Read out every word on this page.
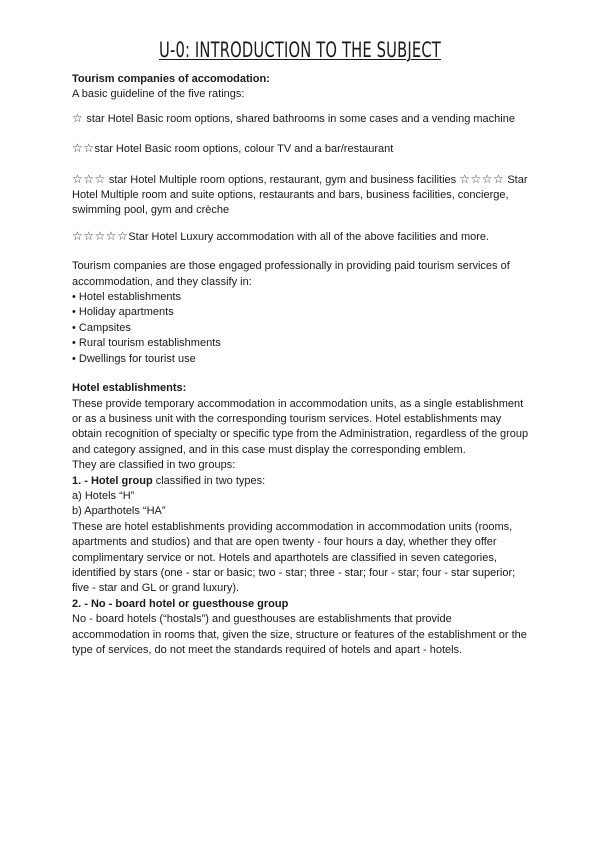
U-0: INTRODUCTION TO THE SUBJECT

Tourism companies of accomodation:

A basic guideline of the five ratings:

☆ star Hotel Basic room options, shared bathrooms in some cases and a vending machine

☆☆star Hotel Basic room options, colour TV and a bar/restaurant

☆☆☆ star Hotel Multiple room options, restaurant, gym and business facilities ☆☆☆☆ Star Hotel Multiple room and suite options, restaurants and bars, business facilities, concierge, swimming pool, gym and crèche

☆☆☆☆☆Star Hotel Luxury accommodation with all of the above facilities and more.

Tourism companies are those engaged professionally in providing paid tourism services of accommodation, and they classify in:

• Hotel establishments
• Holiday apartments
• Campsites
• Rural tourism establishments
• Dwellings for tourist use

Hotel establishments:

These provide temporary accommodation in accommodation units, as a single establishment or as a business unit with the corresponding tourism services. Hotel establishments may obtain recognition of specialty or specific type from the Administration, regardless of the group and category assigned, and in this case must display the corresponding emblem.

They are classified in two groups:

1. - Hotel group classified in two types:

a) Hotels “H”

b) Aparthotels “HA”

These are hotel establishments providing accommodation in accommodation units (rooms, apartments and studios) and that are open twenty - four hours a day, whether they offer complimentary service or not. Hotels and aparthotels are classified in seven categories, identified by stars (one - star or basic; two - star; three - star; four - star; four - star superior; five - star and GL or grand luxury).

2. - No - board hotel or guesthouse group

No - board hotels (“hostals”) and guesthouses are establishments that provide accommodation in rooms that, given the size, structure or features of the establishment or the type of services, do not meet the standards required of hotels and apart - hotels.
